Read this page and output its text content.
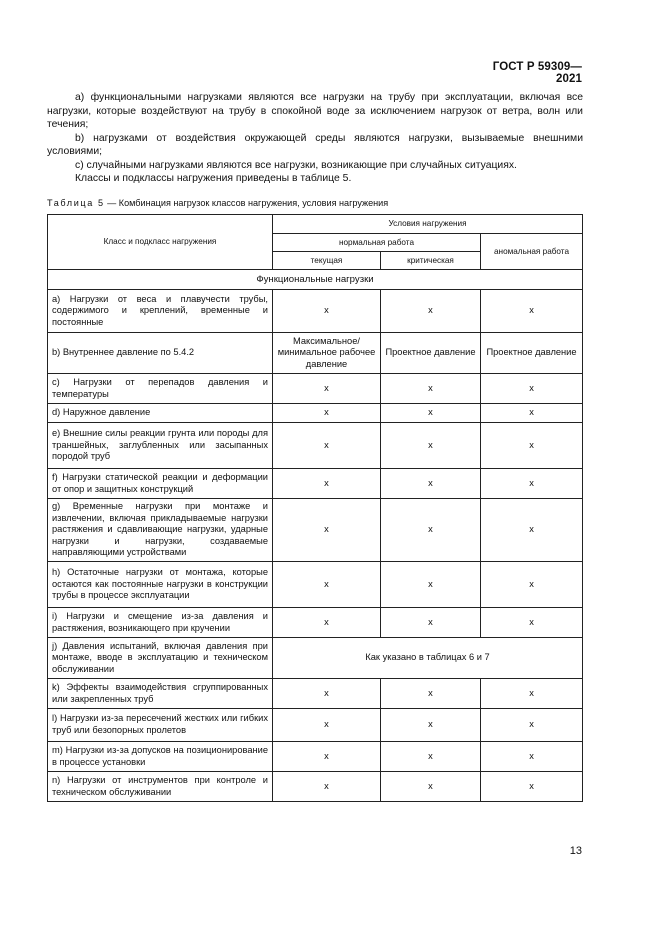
ГОСТ Р 59309—2021

а) функциональными нагрузками являются все нагрузки на трубу при эксплуатации, включая все нагрузки, которые воздействуют на трубу в спокойной воде за исключением нагрузок от ветра, волн или течения;

b) нагрузками от воздействия окружающей среды являются нагрузки, вызываемые внешними условиями;

c) случайными нагрузками являются все нагрузки, возникающие при случайных ситуациях.

Классы и подклассы нагружения приведены в таблице 5.

Таблица 5 — Комбинация нагрузок классов нагружения, условия нагружения
Класс и подкласс нагружения	Условия нагружения		
	нормальная работа		аномальная работа
	текущая	критическая	
Функциональные нагрузки			
a) Нагрузки от веса и плавучести трубы, содержимого и креплений, временные и постоянные	x	x	x
b) Внутреннее давление по 5.4.2	Максимальное/ минимальное рабочее давление	Проектное давление	Проектное давление
c) Нагрузки от перепадов давления и температуры	x	x	x
d) Наружное давление	x	x	x
e) Внешние силы реакции грунта или породы для траншейных, заглубленных или засыпанных породой труб	x	x	x
f) Нагрузки статической реакции и деформации от опор и защитных конструкций	x	x	x
g) Временные нагрузки при монтаже и извлечении, включая прикладываемые нагрузки растяжения и сдавливающие нагрузки, ударные нагрузки и нагрузки, создаваемые направляющими устройствами	x	x	x
h) Остаточные нагрузки от монтажа, которые остаются как постоянные нагрузки в конструкции трубы в процессе эксплуатации	x	x	x
i) Нагрузки и смещение из-за давления и растяжения, возникающего при кручении	x	x	x
j) Давления испытаний, включая давления при монтаже, вводе в эксплуатацию и техническом обслуживании	Как указано в таблицах 6 и 7		
k) Эффекты взаимодействия сгруппированных или закрепленных труб	x	x	x
l) Нагрузки из-за пересечений жестких или гибких труб или безопорных пролетов	x	x	x
m) Нагрузки из-за допусков на позиционирование в процессе установки	x	x	x
n) Нагрузки от инструментов при контроле и техническом обслуживании	x	x	x
13
